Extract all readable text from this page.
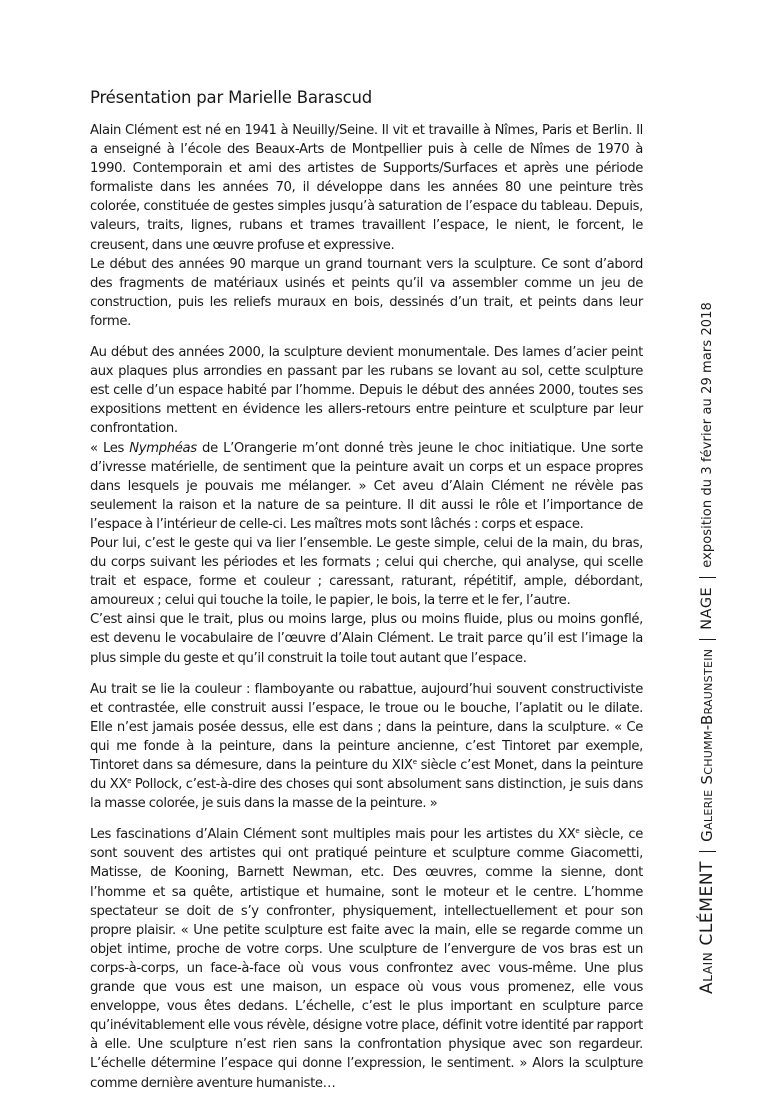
Présentation par Marielle Barascud

Alain Clément est né en 1941 à Neuilly/Seine. Il vit et travaille à Nîmes, Paris et Berlin. Il a enseigné à l’école des Beaux-Arts de Montpellier puis à celle de Nîmes de 1970 à 1990. Contemporain et ami des artistes de Supports/Surfaces et après une période formaliste dans les années 70, il développe dans les années 80 une peinture très colorée, constituée de gestes simples jusqu’à saturation de l’espace du tableau. Depuis, valeurs, traits, lignes, rubans et trames travaillent l’espace, le nient, le forcent, le creusent, dans une œuvre profuse et expressive.

Le début des années 90 marque un grand tournant vers la sculpture. Ce sont d’abord des fragments de matériaux usinés et peints qu’il va assembler comme un jeu de construction, puis les reliefs muraux en bois, dessinés d’un trait, et peints dans leur forme.

Au début des années 2000, la sculpture devient monumentale. Des lames d’acier peint aux plaques plus arrondies en passant par les rubans se lovant au sol, cette sculpture est celle d’un espace habité par l’homme. Depuis le début des années 2000, toutes ses expositions mettent en évidence les allers-retours entre peinture et sculpture par leur confrontation.

« Les Nymphéas de L’Orangerie m’ont donné très jeune le choc initiatique. Une sorte d’ivresse matérielle, de sentiment que la peinture avait un corps et un espace propres dans lesquels je pouvais me mélanger. » Cet aveu d’Alain Clément ne révèle pas seulement la raison et la nature de sa peinture. Il dit aussi le rôle et l’importance de l’espace à l’intérieur de celle-ci. Les maîtres mots sont lâchés : corps et espace.

Pour lui, c’est le geste qui va lier l’ensemble. Le geste simple, celui de la main, du bras, du corps suivant les périodes et les formats ; celui qui cherche, qui analyse, qui scelle trait et espace, forme et couleur ; caressant, raturant, répétitif, ample, débordant, amoureux ; celui qui touche la toile, le papier, le bois, la terre et le fer, l’autre.

C’est ainsi que le trait, plus ou moins large, plus ou moins fluide, plus ou moins gonflé, est devenu le vocabulaire de l’œuvre d’Alain Clément. Le trait parce qu’il est l’image la plus simple du geste et qu’il construit la toile tout autant que l’espace.

Au trait se lie la couleur : flamboyante ou rabattue, aujourd’hui souvent constructiviste et contrastée, elle construit aussi l’espace, le troue ou le bouche, l’aplatit ou le dilate. Elle n’est jamais posée dessus, elle est dans ; dans la peinture, dans la sculpture. « Ce qui me fonde à la peinture, dans la peinture ancienne, c’est Tintoret par exemple, Tintoret dans sa démesure, dans la peinture du XIXe siècle c’est Monet, dans la peinture du XXe Pollock, c’est-à-dire des choses qui sont absolument sans distinction, je suis dans la masse colorée, je suis dans la masse de la peinture. »

Les fascinations d’Alain Clément sont multiples mais pour les artistes du XXe siècle, ce sont souvent des artistes qui ont pratiqué peinture et sculpture comme Giacometti, Matisse, de Kooning, Barnett Newman, etc. Des œuvres, comme la sienne, dont l’homme et sa quête, artistique et humaine, sont le moteur et le centre. L’homme spectateur se doit de s’y confronter, physiquement, intellectuellement et pour son propre plaisir. « Une petite sculpture est faite avec la main, elle se regarde comme un objet intime, proche de votre corps. Une sculpture de l’envergure de vos bras est un corps-à-corps, un face-à-face où vous vous confrontez avec vous-même. Une plus grande que vous est une maison, un espace où vous vous promenez, elle vous enveloppe, vous êtes dedans. L’échelle, c’est le plus important en sculpture parce qu’inévitablement elle vous révèle, désigne votre place, définit votre identité par rapport à elle. Une sculpture n’est rien sans la confrontation physique avec son regardeur. L’échelle détermine l’espace qui donne l’expression, le sentiment. » Alors la sculpture comme dernière aventure humaniste…

Alain CLÉMENT
Galerie Schumm-Braunstein
NAGE
exposition du 3 février au 29 mars 2018
